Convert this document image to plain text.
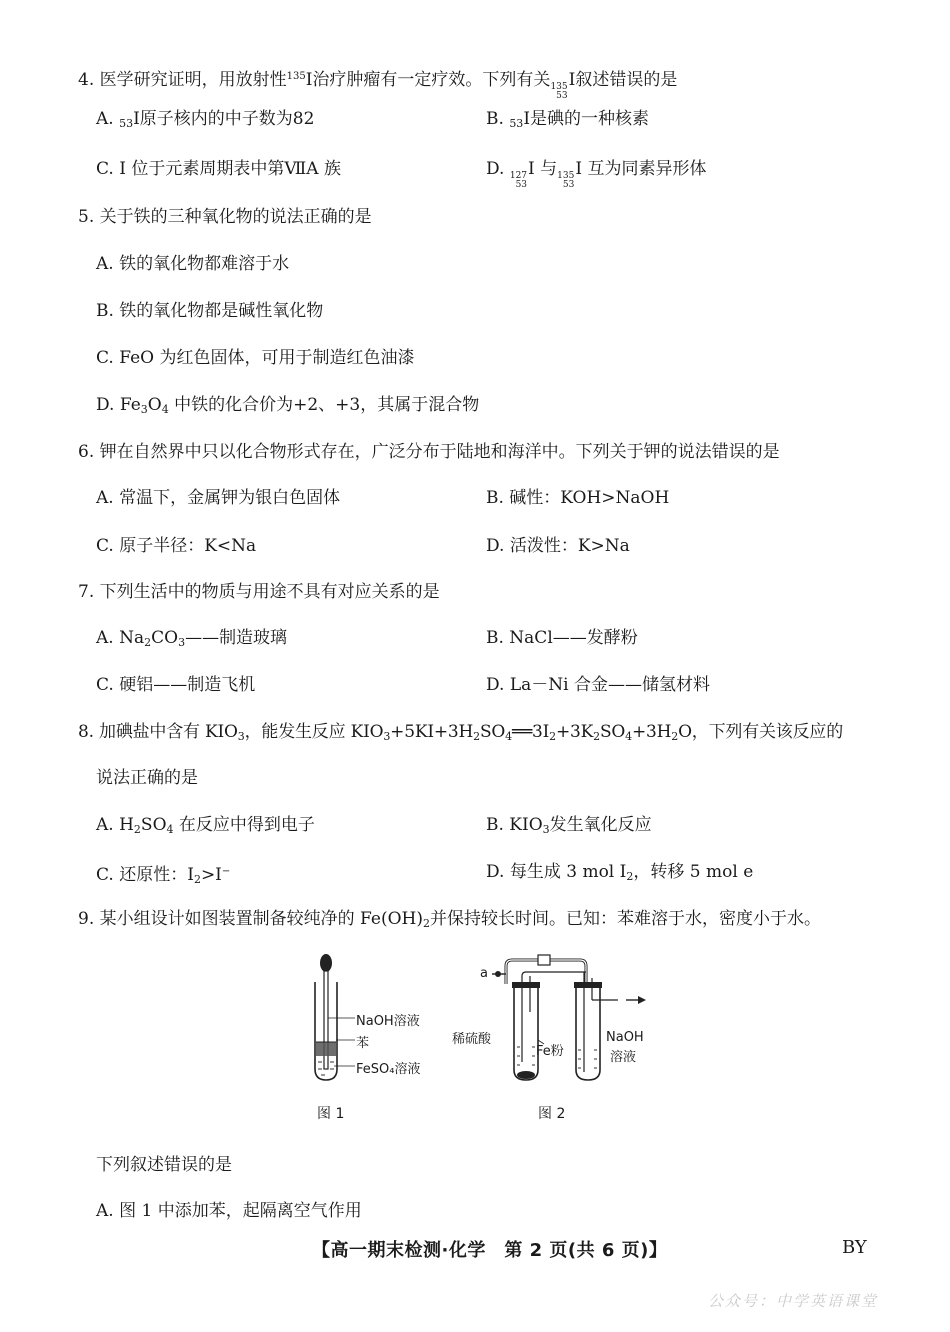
4. 医学研究证明，用放射性$^{135}$I治疗肿瘤有一定疗效。下列有关 135
53
I叙述错误的是
A. $_{53}$I原子核内的中子数为82	B. $_{53}$I是碘的一种核素
C. I 位于元素周期表中第ⅦA 族	D. 127
53
I 与 135
53
I 互为同素异形体
5. 关于铁的三种氧化物的说法正确的是
A. 铁的氧化物都难溶于水
B. 铁的氧化物都是碱性氧化物
C. FeO 为红色固体，可用于制造红色油漆
D. $Fe_3O_4$ 中铁的化合价为+2、+3，其属于混合物
6. 钾在自然界中只以化合物形式存在，广泛分布于陆地和海洋中。下列关于钾的说法错误的是
A. 常温下，金属钾为银白色固体	B. 碱性：KOH>NaOH
C. 原子半径：K<Na	D. 活泼性：K>Na
7. 下列生活中的物质与用途不具有对应关系的是
A. $Na_2CO_3——$制造玻璃	B. NaCl——发酵粉
C. 硬铝——制造飞机	D. La－Ni 合金——储氢材料
8. 加碘盐中含有 $KIO_3$，能发生反应 $KIO_3+5KI+3H_2SO_4══3I_2+3K_2SO_4+3H_2O$，下列有关该反应的
说法正确的是
A. $H_2SO_4$ 在反应中得到电子	B. $KIO_3$发生氧化反应
C. 还原性：$I_2>I^-$	D. 每生成 3 mol $I_2$，转移 5 mol e
9. 某小组设计如图装置制备较纯净的 $Fe(OH)_2$并保持较长时间。已知：苯难溶于水，密度小于水。
NaOH溶液
苯
FeSO₄溶液
图 1
a
稀硫酸
Fe粉
NaOH
溶液
图 2
下列叙述错误的是
A. 图 1 中添加苯，起隔离空气作用
【高一期末检测·化学　第 2 页(共 6 页)】	BY
公众号：中学英语课堂
